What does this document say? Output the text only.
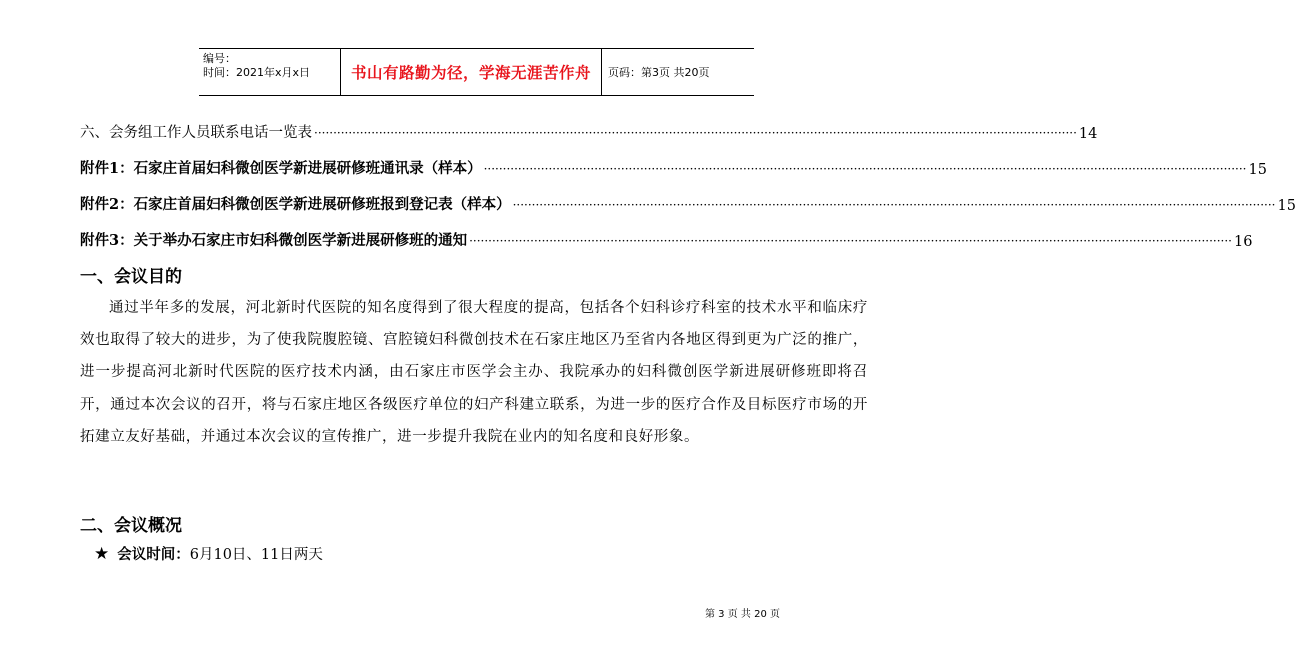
编号：
时间：2021年x月x日	书山有路勤为径，学海无涯苦作舟	页码：第3页 共20页
六、会务组工作人员联系电话一览表 ········································································································································································································ 14
附件1：石家庄首届妇科微创医学新进展研修班通讯录（样本） ········································································································································································································ 15
附件2：石家庄首届妇科微创医学新进展研修班报到登记表（样本） ········································································································································································································ 15
附件3：关于举办石家庄市妇科微创医学新进展研修班的通知 ········································································································································································································ 16
一、会议目的
通过半年多的发展，河北新时代医院的知名度得到了很大程度的提高，包括各个妇科诊疗科室的技术水平和临床疗效也取得了较大的进步，为了使我院腹腔镜、宫腔镜妇科微创技术在石家庄地区乃至省内各地区得到更为广泛的推广，进一步提高河北新时代医院的医疗技术内涵，由石家庄市医学会主办、我院承办的妇科微创医学新进展研修班即将召开，通过本次会议的召开，将与石家庄地区各级医疗单位的妇产科建立联系，为进一步的医疗合作及目标医疗市场的开拓建立友好基础，并通过本次会议的宣传推广，进一步提升我院在业内的知名度和良好形象。
二、会议概况
★ 会议时间： 6月10日、11日两天
第 3 页 共 20 页
